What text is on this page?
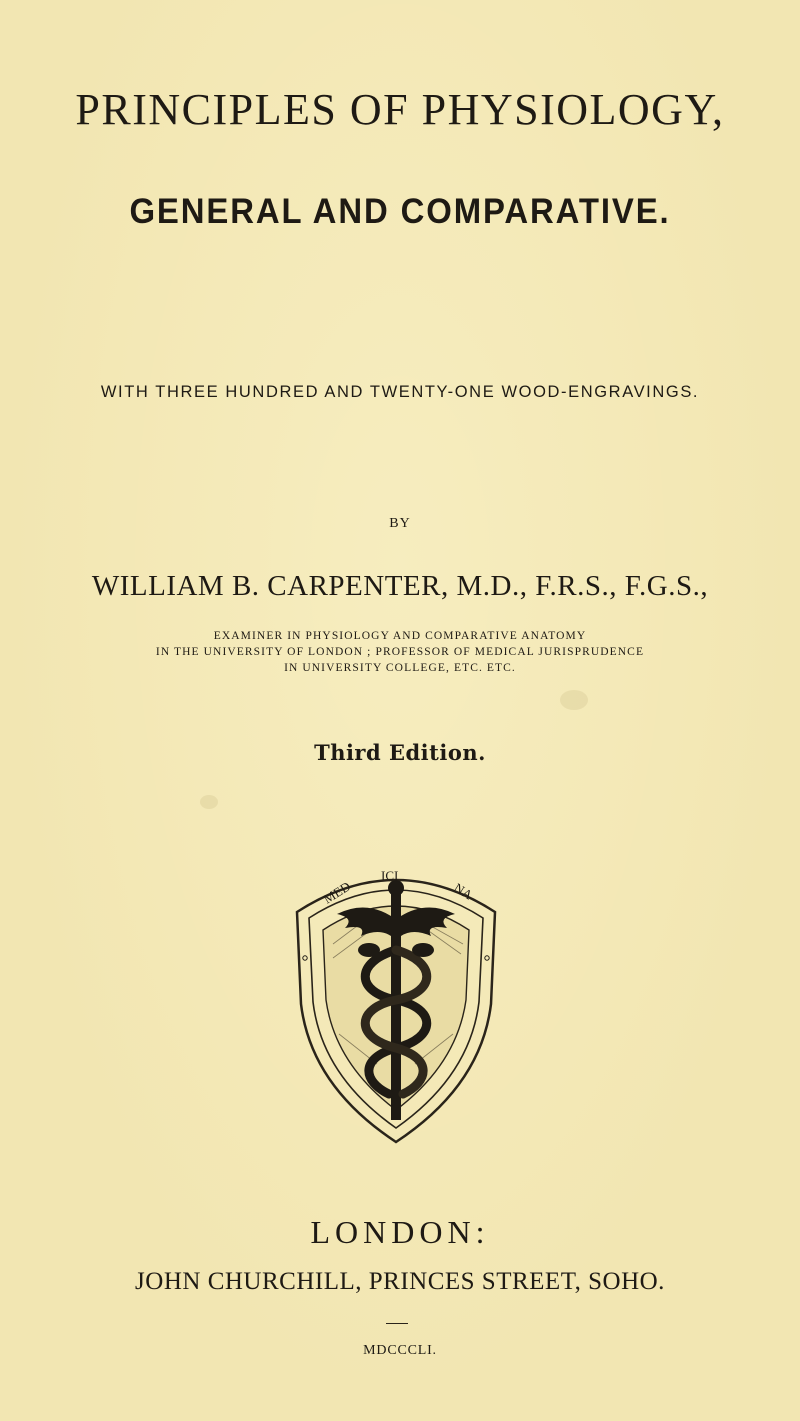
PRINCIPLES OF PHYSIOLOGY,
GENERAL AND COMPARATIVE.
WITH THREE HUNDRED AND TWENTY-ONE WOOD-ENGRAVINGS.
BY
WILLIAM B. CARPENTER, M.D., F.R.S., F.G.S.,
EXAMINER IN PHYSIOLOGY AND COMPARATIVE ANATOMY
IN THE UNIVERSITY OF LONDON ; PROFESSOR OF MEDICAL JURISPRUDENCE
IN UNIVERSITY COLLEGE, ETC. ETC.
Third Edition.
MED
ICI
NA
LONDON:
JOHN CHURCHILL, PRINCES STREET, SOHO.
MDCCCLI.
